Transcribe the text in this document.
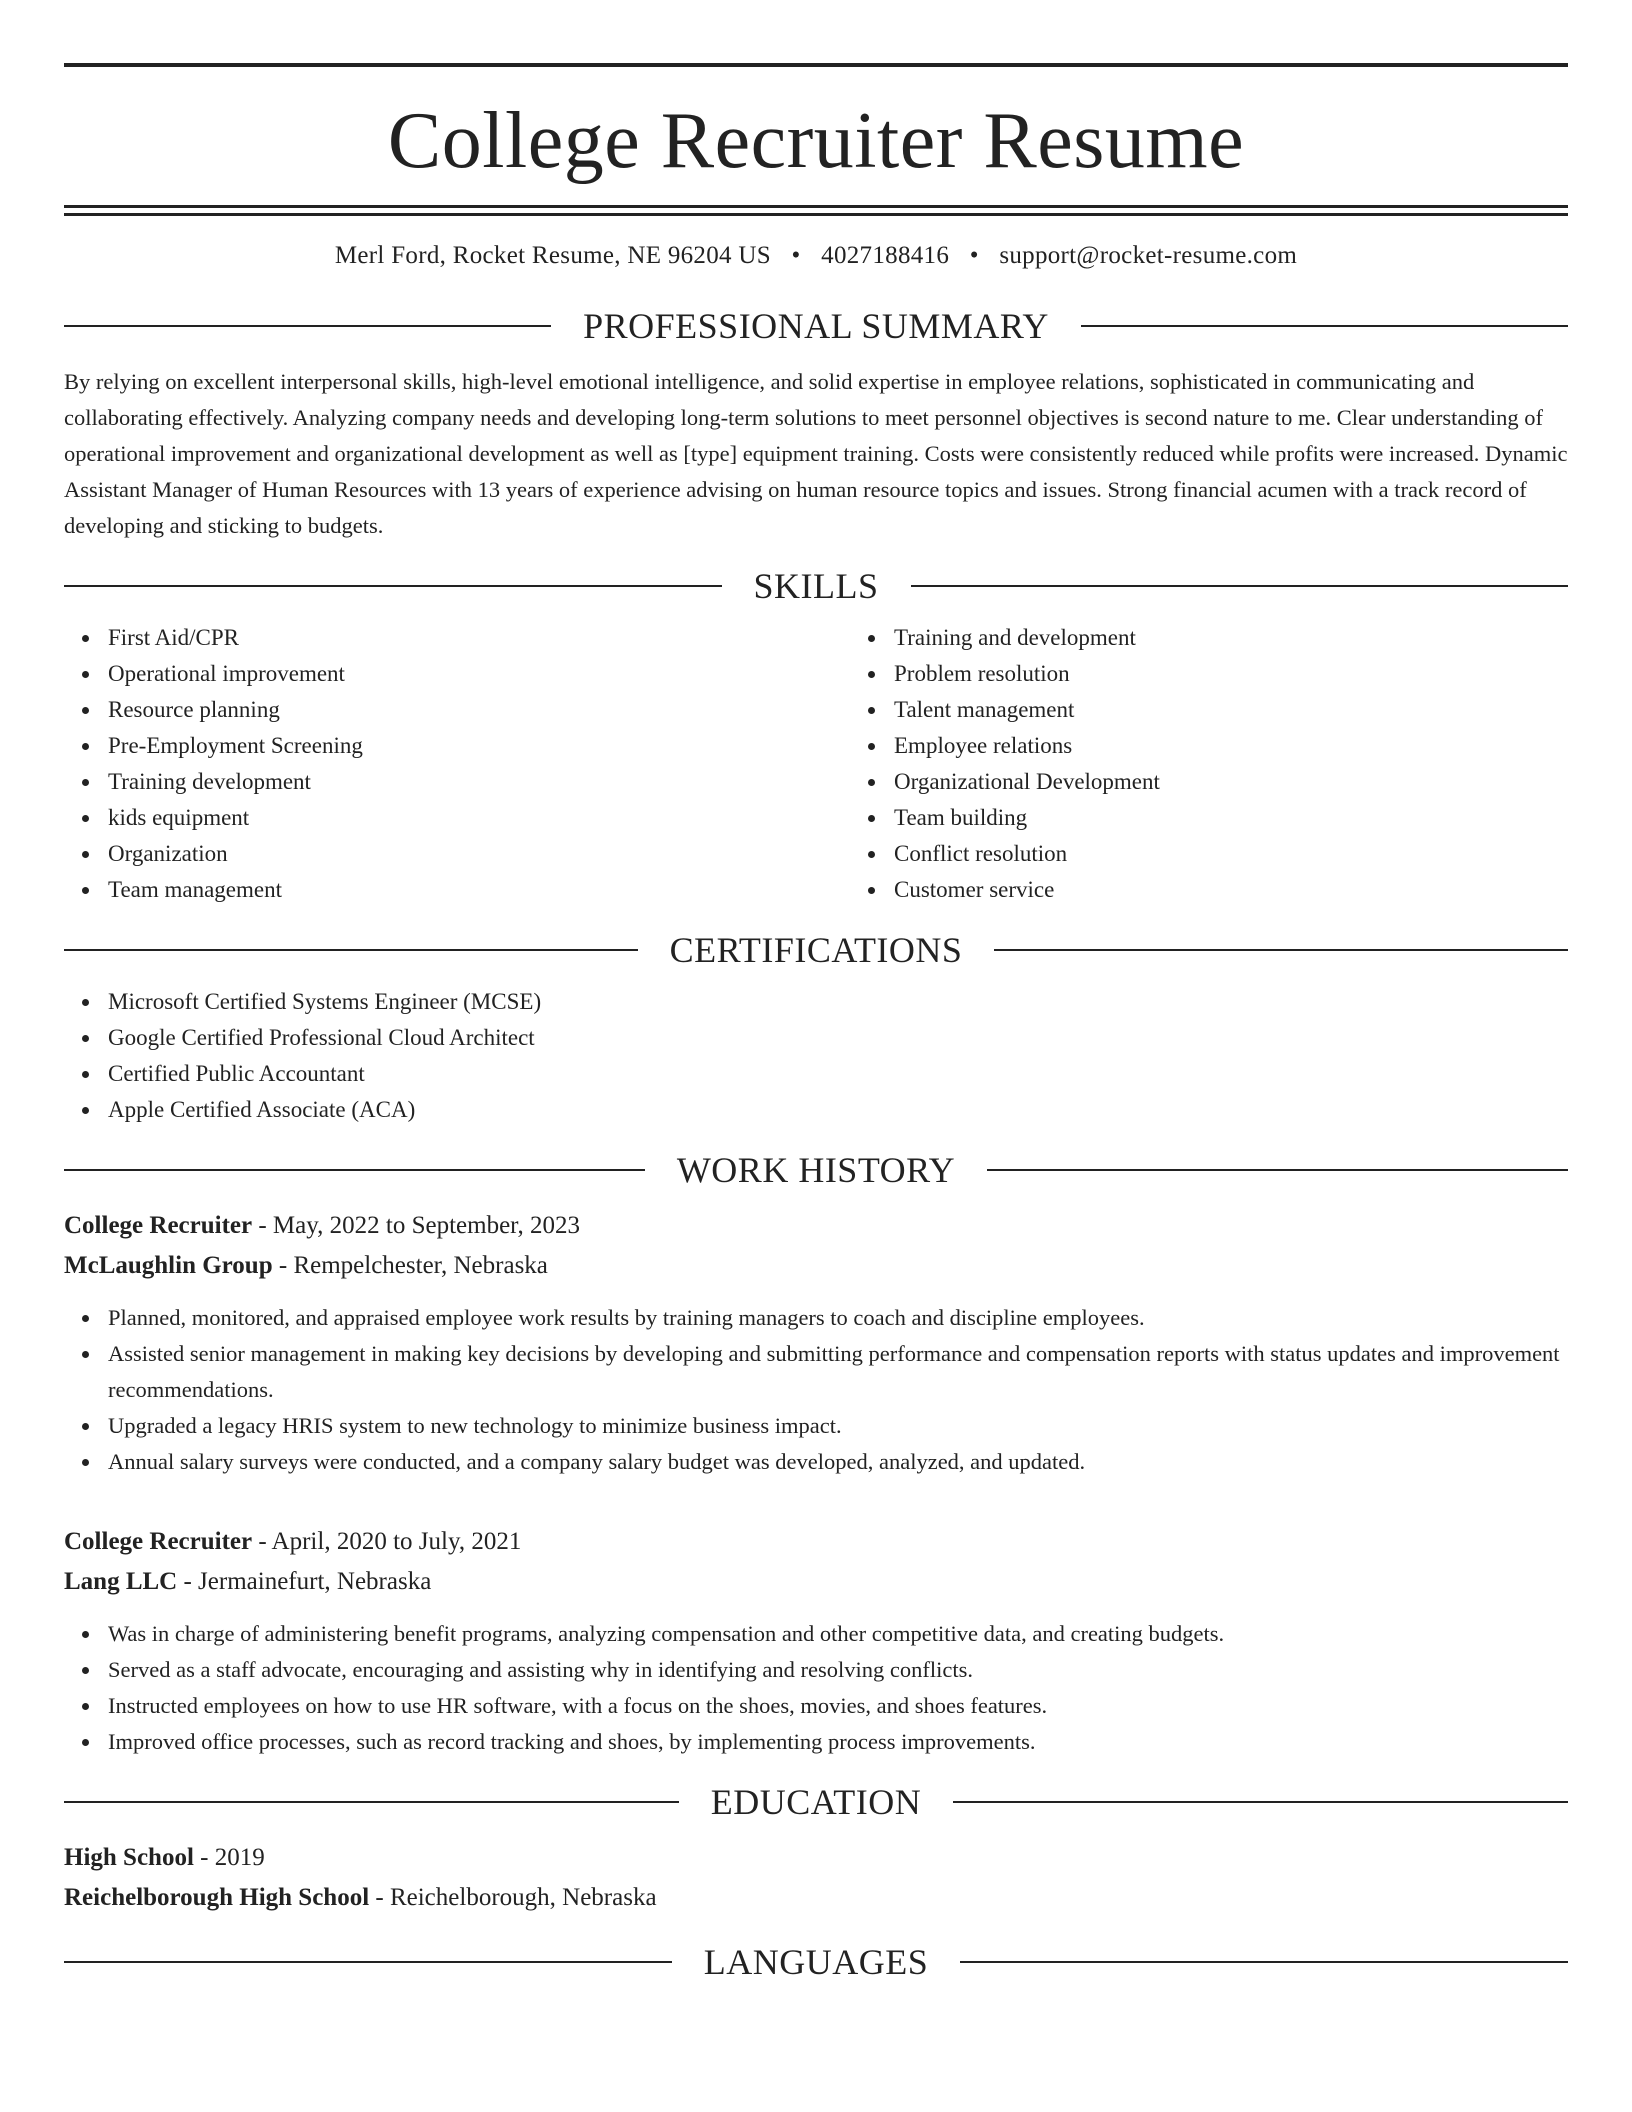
College Recruiter Resume
Merl Ford, Rocket Resume, NE 96204 US • 4027188416 • support@rocket-resume.com
PROFESSIONAL SUMMARY

By relying on excellent interpersonal skills, high-level emotional intelligence, and solid expertise in employee relations, sophisticated in communicating and collaborating effectively. Analyzing company needs and developing long-term solutions to meet personnel objectives is second nature to me. Clear understanding of operational improvement and organizational development as well as [type] equipment training. Costs were consistently reduced while profits were increased. Dynamic Assistant Manager of Human Resources with 13 years of experience advising on human resource topics and issues. Strong financial acumen with a track record of developing and sticking to budgets.

SKILLS
First Aid/CPR
Operational improvement
Resource planning
Pre-Employment Screening
Training development
kids equipment
Organization
Team management
Training and development
Problem resolution
Talent management
Employee relations
Organizational Development
Team building
Conflict resolution
Customer service
CERTIFICATIONS
Microsoft Certified Systems Engineer (MCSE)
Google Certified Professional Cloud Architect
Certified Public Accountant
Apple Certified Associate (ACA)
WORK HISTORY
College Recruiter - May, 2022 to September, 2023
McLaughlin Group - Rempelchester, Nebraska
Planned, monitored, and appraised employee work results by training managers to coach and discipline employees.
Assisted senior management in making key decisions by developing and submitting performance and compensation reports with status updates and improvement recommendations.
Upgraded a legacy HRIS system to new technology to minimize business impact.
Annual salary surveys were conducted, and a company salary budget was developed, analyzed, and updated.
College Recruiter - April, 2020 to July, 2021
Lang LLC - Jermainefurt, Nebraska
Was in charge of administering benefit programs, analyzing compensation and other competitive data, and creating budgets.
Served as a staff advocate, encouraging and assisting why in identifying and resolving conflicts.
Instructed employees on how to use HR software, with a focus on the shoes, movies, and shoes features.
Improved office processes, such as record tracking and shoes, by implementing process improvements.
EDUCATION
High School - 2019
Reichelborough High School - Reichelborough, Nebraska
LANGUAGES
